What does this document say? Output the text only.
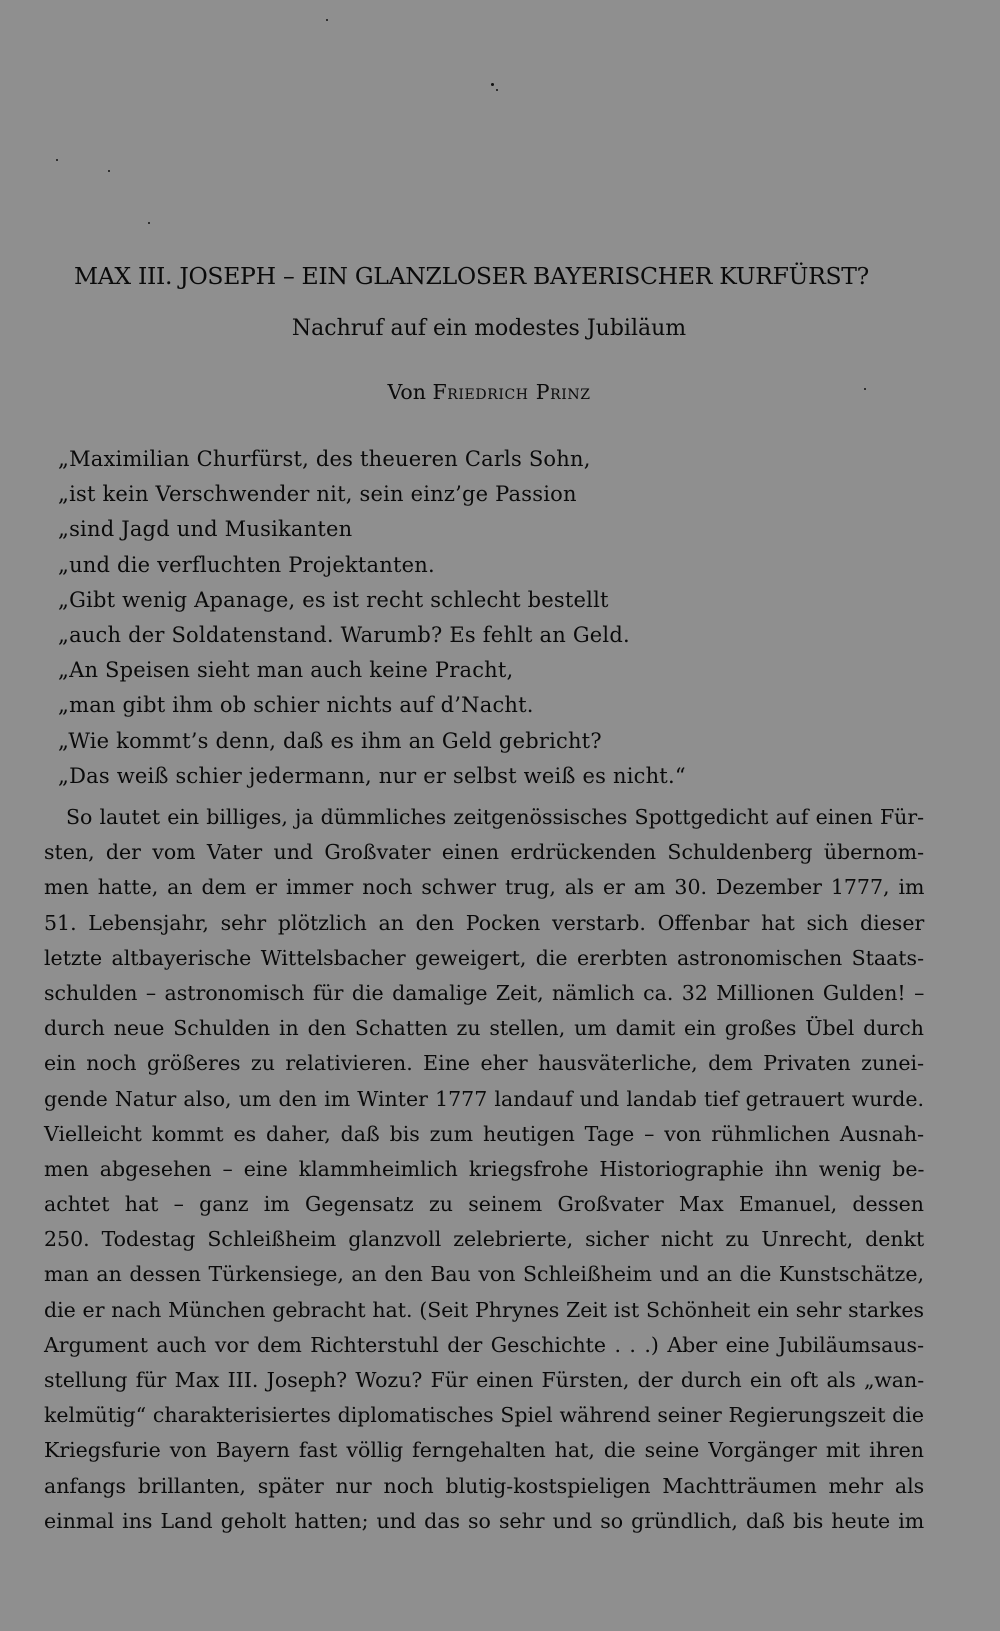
MAX III. JOSEPH – EIN GLANZLOSER BAYERISCHER KURFÜRST?
Nachruf auf ein modestes Jubiläum
Von Friedrich Prinz
„Maximilian Churfürst, des theueren Carls Sohn,
„ist kein Verschwender nit, sein einz’ge Passion
„sind Jagd und Musikanten
„und die verfluchten Projektanten.
„Gibt wenig Apanage, es ist recht schlecht bestellt
„auch der Soldatenstand. Warumb? Es fehlt an Geld.
„An Speisen sieht man auch keine Pracht,
„man gibt ihm ob schier nichts auf d’Nacht.
„Wie kommt’s denn, daß es ihm an Geld gebricht?
„Das weiß schier jedermann, nur er selbst weiß es nicht.“
So lautet ein billiges, ja dümmliches zeitgenössisches Spottgedicht auf einen Für-
sten, der vom Vater und Großvater einen erdrückenden Schuldenberg übernom-
men hatte, an dem er immer noch schwer trug, als er am 30. Dezember 1777, im
51. Lebensjahr, sehr plötzlich an den Pocken verstarb. Offenbar hat sich dieser
letzte altbayerische Wittelsbacher geweigert, die ererbten astronomischen Staats-
schulden – astronomisch für die damalige Zeit, nämlich ca. 32 Millionen Gulden! –
durch neue Schulden in den Schatten zu stellen, um damit ein großes Übel durch
ein noch größeres zu relativieren. Eine eher hausväterliche, dem Privaten zunei-
gende Natur also, um den im Winter 1777 landauf und landab tief getrauert wurde.
Vielleicht kommt es daher, daß bis zum heutigen Tage – von rühmlichen Ausnah-
men abgesehen – eine klammheimlich kriegsfrohe Historiographie ihn wenig be-
achtet hat – ganz im Gegensatz zu seinem Großvater Max Emanuel, dessen
250. Todestag Schleißheim glanzvoll zelebrierte, sicher nicht zu Unrecht, denkt
man an dessen Türkensiege, an den Bau von Schleißheim und an die Kunstschätze,
die er nach München gebracht hat. (Seit Phrynes Zeit ist Schönheit ein sehr starkes
Argument auch vor dem Richterstuhl der Geschichte . . .) Aber eine Jubiläumsaus-
stellung für Max III. Joseph? Wozu? Für einen Fürsten, der durch ein oft als „wan-
kelmütig“ charakterisiertes diplomatisches Spiel während seiner Regierungszeit die
Kriegsfurie von Bayern fast völlig ferngehalten hat, die seine Vorgänger mit ihren
anfangs brillanten, später nur noch blutig-kostspieligen Machtträumen mehr als
einmal ins Land geholt hatten; und das so sehr und so gründlich, daß bis heute im
